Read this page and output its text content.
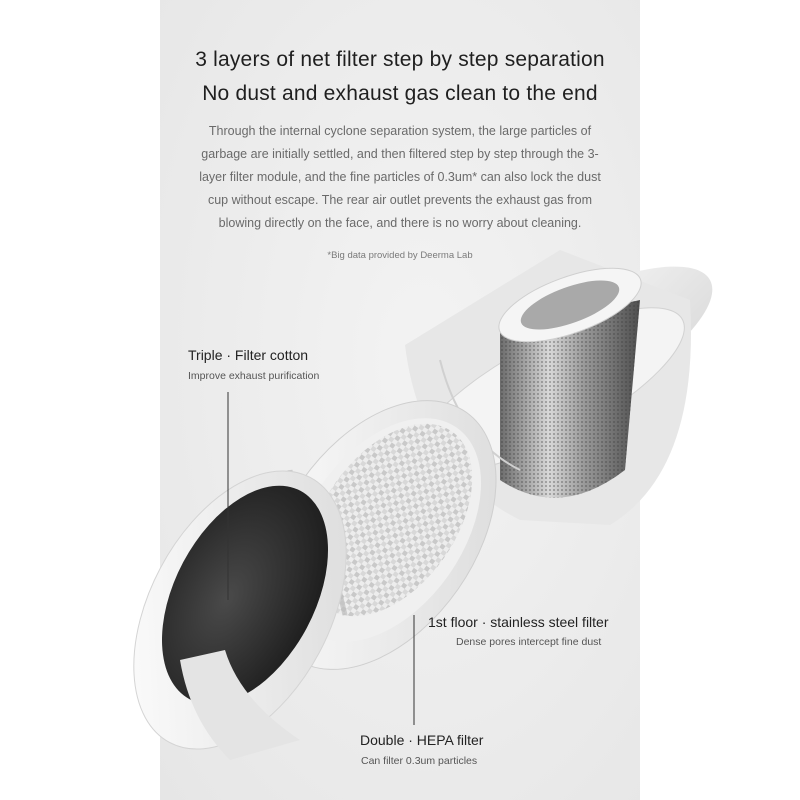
3 layers of net filter step by step separation
No dust and exhaust gas clean to the end
Through the internal cyclone separation system, the large particles of garbage are initially settled, and then filtered step by step through the 3-layer filter module, and the fine particles of 0.3um* can also lock the dust cup without escape. The rear air outlet prevents the exhaust gas from blowing directly on the face, and there is no worry about cleaning.
*Big data provided by Deerma Lab
Triple · Filter cotton
Improve exhaust purification
1st floor · stainless steel filter
Dense pores intercept fine dust
Double · HEPA filter
Can filter 0.3um particles
